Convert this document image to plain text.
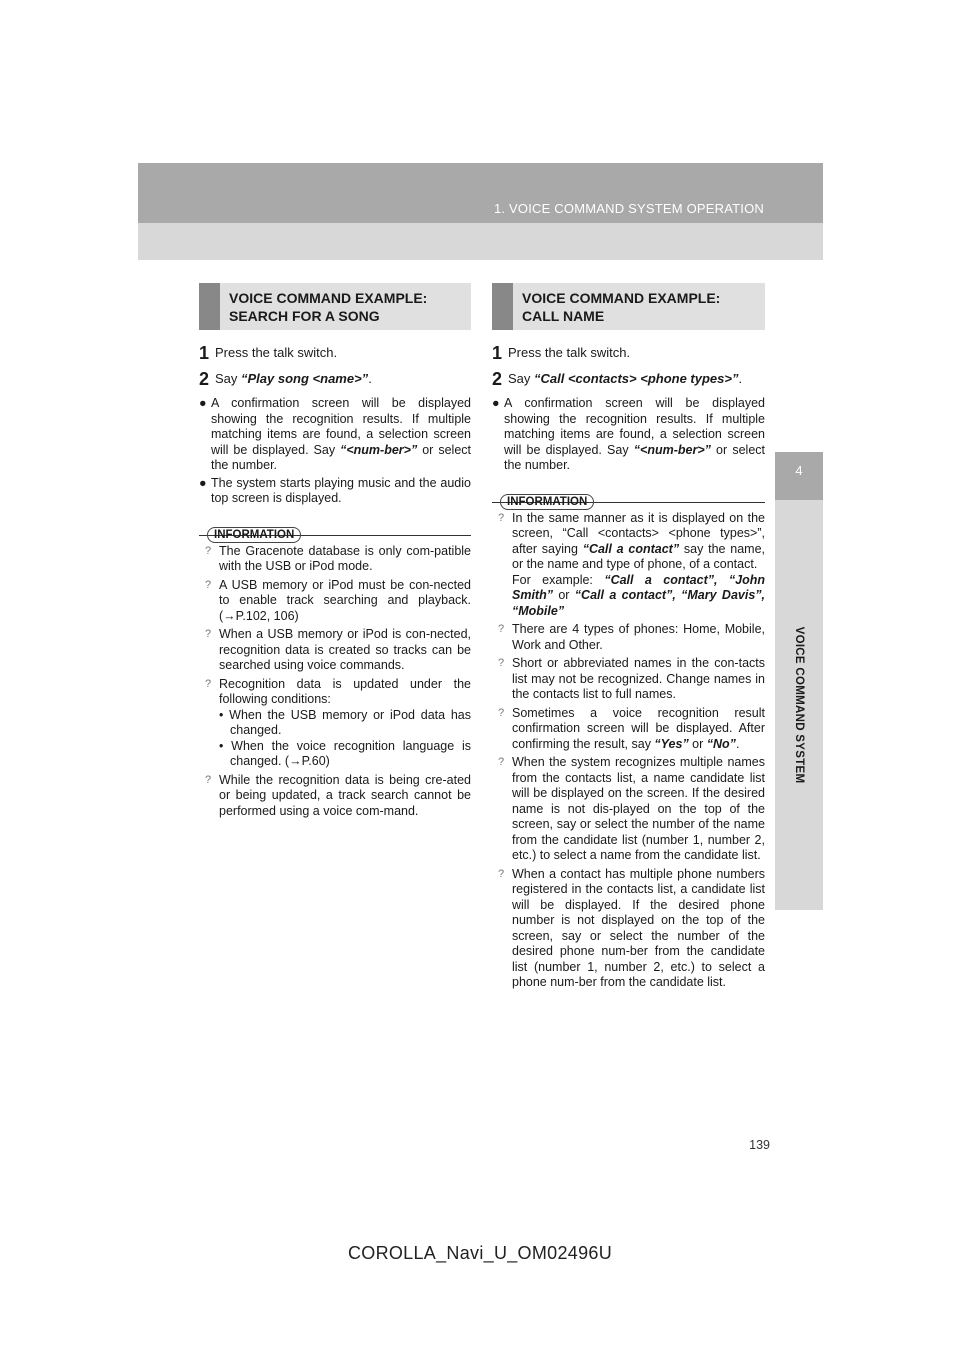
1. VOICE COMMAND SYSTEM OPERATION
4
VOICE COMMAND SYSTEM
VOICE COMMAND EXAMPLE:
SEARCH FOR A SONG
1 Press the talk switch.
2 Say “Play song <name>”.
● A confirmation screen will be displayed showing the recognition results. If multiple matching items are found, a selection screen will be displayed. Say “<num-ber>” or select the number.
● The system starts playing music and the audio top screen is displayed.
INFORMATION
? The Gracenote database is only com-patible with the USB or iPod mode.
? A USB memory or iPod must be con-nected to enable track searching and playback. (→P.102, 106)
? When a USB memory or iPod is con-nected, recognition data is created so tracks can be searched using voice commands.
? Recognition data is updated under the following conditions:
• When the USB memory or iPod data has changed.
• When the voice recognition language is changed. (→P.60)
? While the recognition data is being cre-ated or being updated, a track search cannot be performed using a voice com-mand.
VOICE COMMAND EXAMPLE:
CALL NAME
1 Press the talk switch.
2 Say “Call <contacts> <phone types>”.
● A confirmation screen will be displayed showing the recognition results. If multiple matching items are found, a selection screen will be displayed. Say “<num-ber>” or select the number.
INFORMATION
? In the same manner as it is displayed on the screen, “Call <contacts> <phone types>”, after saying “Call a contact” say the name, or the name and type of phone, of a contact.
For example: “Call a contact”, “John Smith” or “Call a contact”, “Mary Davis”, “Mobile”
? There are 4 types of phones: Home, Mobile, Work and Other.
? Short or abbreviated names in the con-tacts list may not be recognized. Change names in the contacts list to full names.
? Sometimes a voice recognition result confirmation screen will be displayed. After confirming the result, say “Yes” or “No”.
? When the system recognizes multiple names from the contacts list, a name candidate list will be displayed on the screen. If the desired name is not dis-played on the top of the screen, say or select the number of the name from the candidate list (number 1, number 2, etc.) to select a name from the candidate list.
? When a contact has multiple phone numbers registered in the contacts list, a candidate list will be displayed. If the desired phone number is not displayed on the top of the screen, say or select the number of the desired phone num-ber from the candidate list (number 1, number 2, etc.) to select a phone num-ber from the candidate list.
139
COROLLA_Navi_U_OM02496U
